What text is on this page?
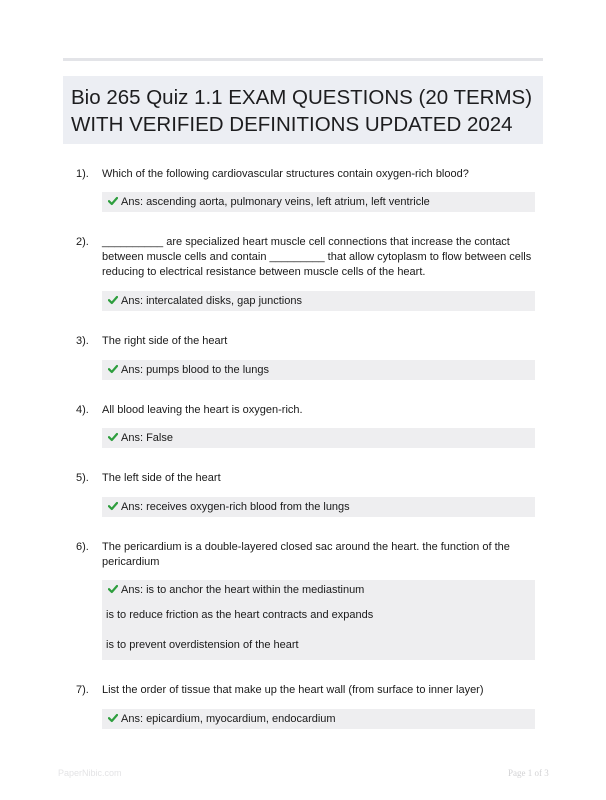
Bio 265 Quiz 1.1 EXAM QUESTIONS (20 TERMS)
WITH VERIFIED DEFINITIONS UPDATED 2024
1). Which of the following cardiovascular structures contain oxygen-rich blood?
Ans: ascending aorta, pulmonary veins, left atrium, left ventricle
2). __________ are specialized heart muscle cell connections that increase the contact between muscle cells and contain _________ that allow cytoplasm to flow between cells reducing to electrical resistance between muscle cells of the heart.
Ans: intercalated disks, gap junctions
3). The right side of the heart
Ans: pumps blood to the lungs
4). All blood leaving the heart is oxygen-rich.
Ans: False
5). The left side of the heart
Ans: receives oxygen-rich blood from the lungs
6). The pericardium is a double-layered closed sac around the heart. the function of the pericardium
Ans: is to anchor the heart within the mediastinum
is to reduce friction as the heart contracts and expands
is to prevent overdistension of the heart
7). List the order of tissue that make up the heart wall (from surface to inner layer)
Ans: epicardium, myocardium, endocardium
PaperNibic.com	Page 1 of 3
